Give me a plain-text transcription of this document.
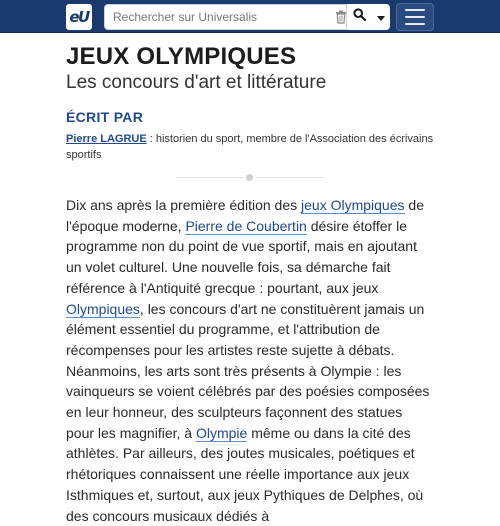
eU
Rechercher sur Universalis
JEUX OLYMPIQUES
Les concours d'art et littérature
ÉCRIT PAR
Pierre LAGRUE : historien du sport, membre de l'Association des écrivains sportifs

Dix ans après la première édition des jeux Olympiques de l'époque moderne, Pierre de Coubertin désire étoffer le programme non du point de vue sportif, mais en ajoutant un volet culturel. Une nouvelle fois, sa démarche fait référence à l'Antiquité grecque : pourtant, aux jeux Olympiques, les concours d'art ne constituèrent jamais un élément essentiel du programme, et l'attribution de récompenses pour les artistes reste sujette à débats. Néanmoins, les arts sont très présents à Olympie : les vainqueurs se voient célébrés par des poésies composées en leur honneur, des sculpteurs façonnent des statues pour les magnifier, à Olympie même ou dans la cité des athlètes. Par ailleurs, des joutes musicales, poétiques et rhétoriques connaissent une réelle importance aux jeux Isthmiques et, surtout, aux jeux Pythiques de Delphes, où des concours musicaux dédiés à
